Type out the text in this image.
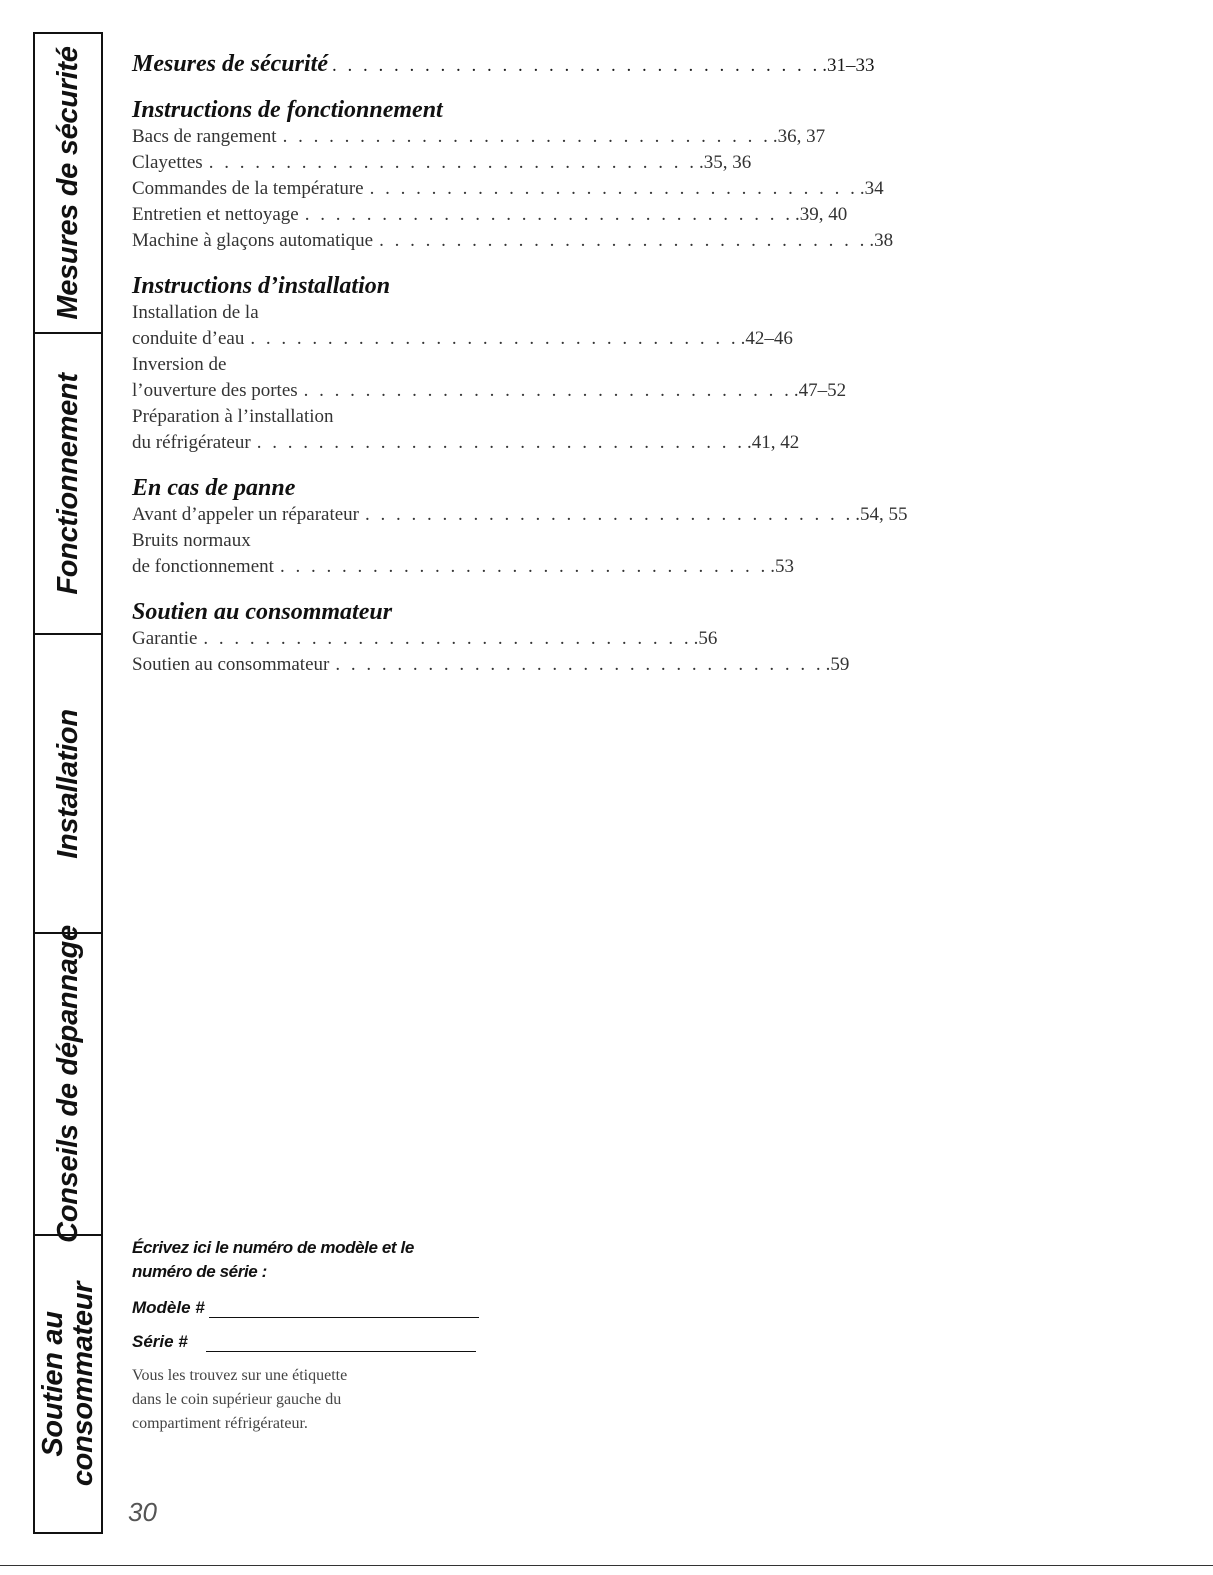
Mesures de sécurité
Fonctionnement
Installation
Conseils de dépannage
Soutien au
consommateur
Mesures de sécurité . . . . . . . . . . . . . . . . . . . . . . . . . . . . . . . . .31–33
Instructions de fonctionnement
Bacs de rangement . . . . . . . . . . . . . . . . . . . . . . . . . . . . . . . . .36, 37
Clayettes . . . . . . . . . . . . . . . . . . . . . . . . . . . . . . . . .35, 36
Commandes de la température . . . . . . . . . . . . . . . . . . . . . . . . . . . . . . . . .34
Entretien et nettoyage . . . . . . . . . . . . . . . . . . . . . . . . . . . . . . . . .39, 40
Machine à glaçons automatique . . . . . . . . . . . . . . . . . . . . . . . . . . . . . . . . .38
Instructions d’installation
Installation de la
conduite d’eau . . . . . . . . . . . . . . . . . . . . . . . . . . . . . . . . .42–46
Inversion de
l’ouverture des portes . . . . . . . . . . . . . . . . . . . . . . . . . . . . . . . . .47–52
Préparation à l’installation
du réfrigérateur . . . . . . . . . . . . . . . . . . . . . . . . . . . . . . . . .41, 42
En cas de panne
Avant d’appeler un réparateur . . . . . . . . . . . . . . . . . . . . . . . . . . . . . . . . .54, 55
Bruits normaux
de fonctionnement . . . . . . . . . . . . . . . . . . . . . . . . . . . . . . . . .53
Soutien au consommateur
Garantie . . . . . . . . . . . . . . . . . . . . . . . . . . . . . . . . .56
Soutien au consommateur . . . . . . . . . . . . . . . . . . . . . . . . . . . . . . . . .59
Écrivez ici le numéro de modèle et le
numéro de série :
Modèle #
Série #
Vous les trouvez sur une étiquette
dans le coin supérieur gauche du
compartiment réfrigérateur.
30
